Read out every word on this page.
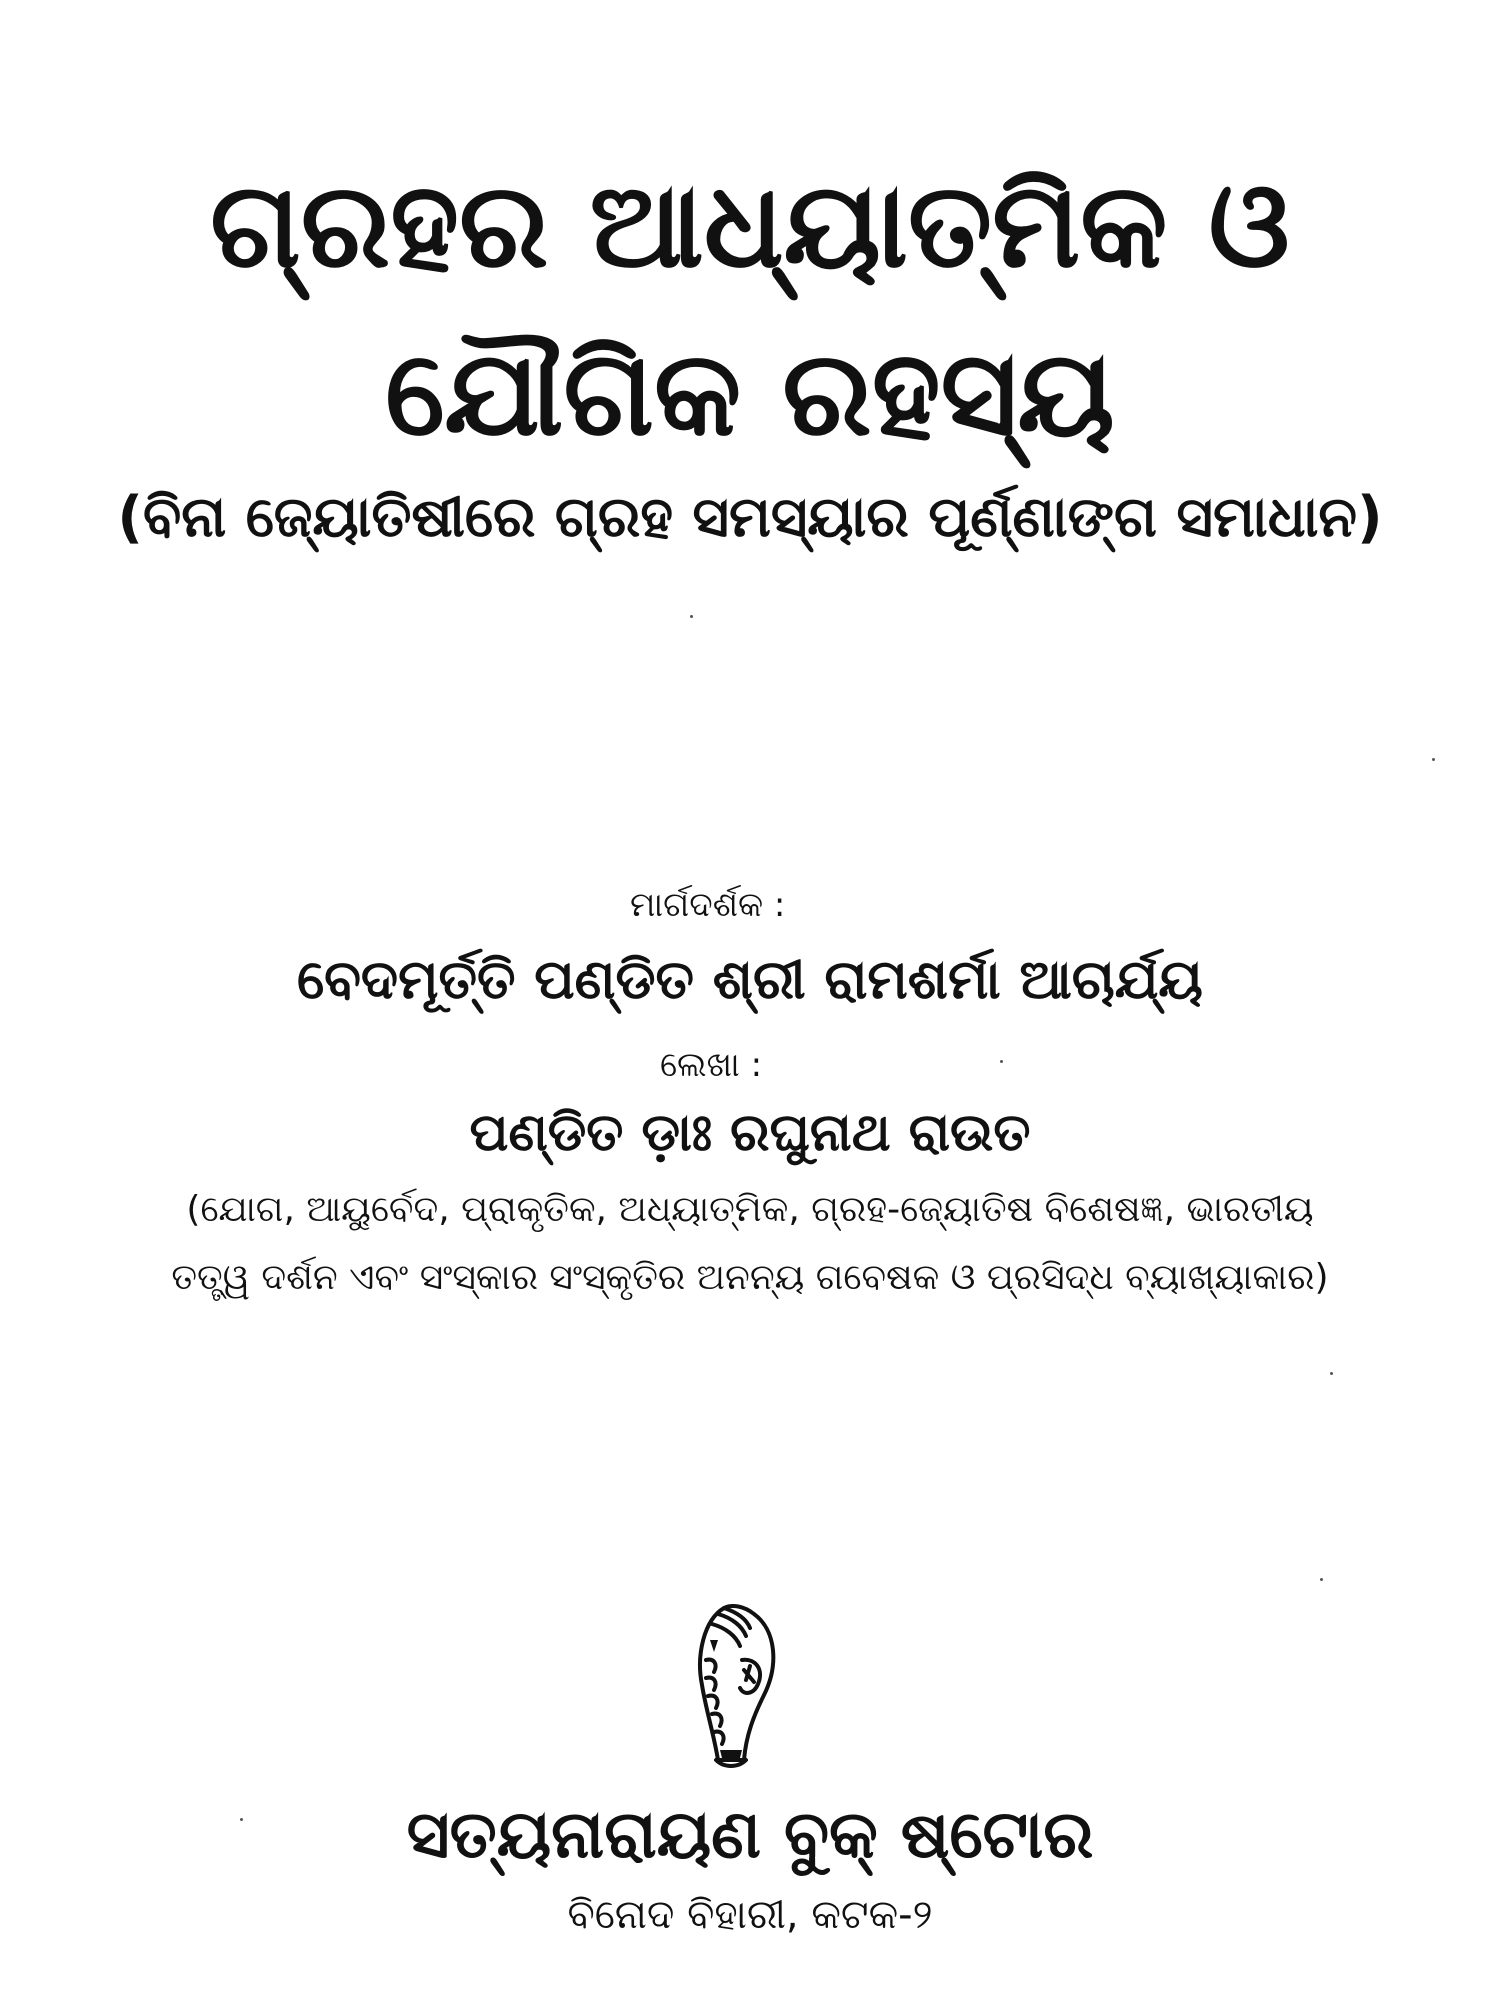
ଗ୍ରହର ଆଧ୍ୟାତ୍ମିକ ଓ
ଯୌଗିକ ରହସ୍ୟ
(ବିନା ଜ୍ୟୋତିଷୀରେ ଗ୍ରହ ସମସ୍ୟାର ପୂର୍ଣ୍ଣାଙ୍ଗ ସମାଧାନ)
ମାର୍ଗଦର୍ଶକ :
ବେଦମୂର୍ତ୍ତି ପଣ୍ଡିତ ଶ୍ରୀ ରାମଶର୍ମା ଆଚାର୍ଯ୍ୟ
ଲେଖା :
ପଣ୍ଡିତ ଡା଼ଃ ରଘୁନାଥ ରାଉତ
(ଯୋଗ, ଆୟୁର୍ବେଦ, ପ୍ରାକୃତିକ, ଅଧ୍ୟାତ୍ମିକ, ଗ୍ରହ-ଜ୍ୟୋତିଷ ବିଶେଷଜ୍ଞ, ଭାରତୀୟ
ତତ୍ତ୍ୱ ଦର୍ଶନ ଏବଂ ସଂସ୍କାର ସଂସ୍କୃତିର ଅନନ୍ୟ ଗବେଷକ ଓ ପ୍ରସିଦ୍ଧ ବ୍ୟାଖ୍ୟାକାର)
ସତ୍ୟନାରାୟଣ ବୁକ୍ ଷ୍ଟୋର
ବିନୋଦ ବିହାରୀ, କଟକ-୨
